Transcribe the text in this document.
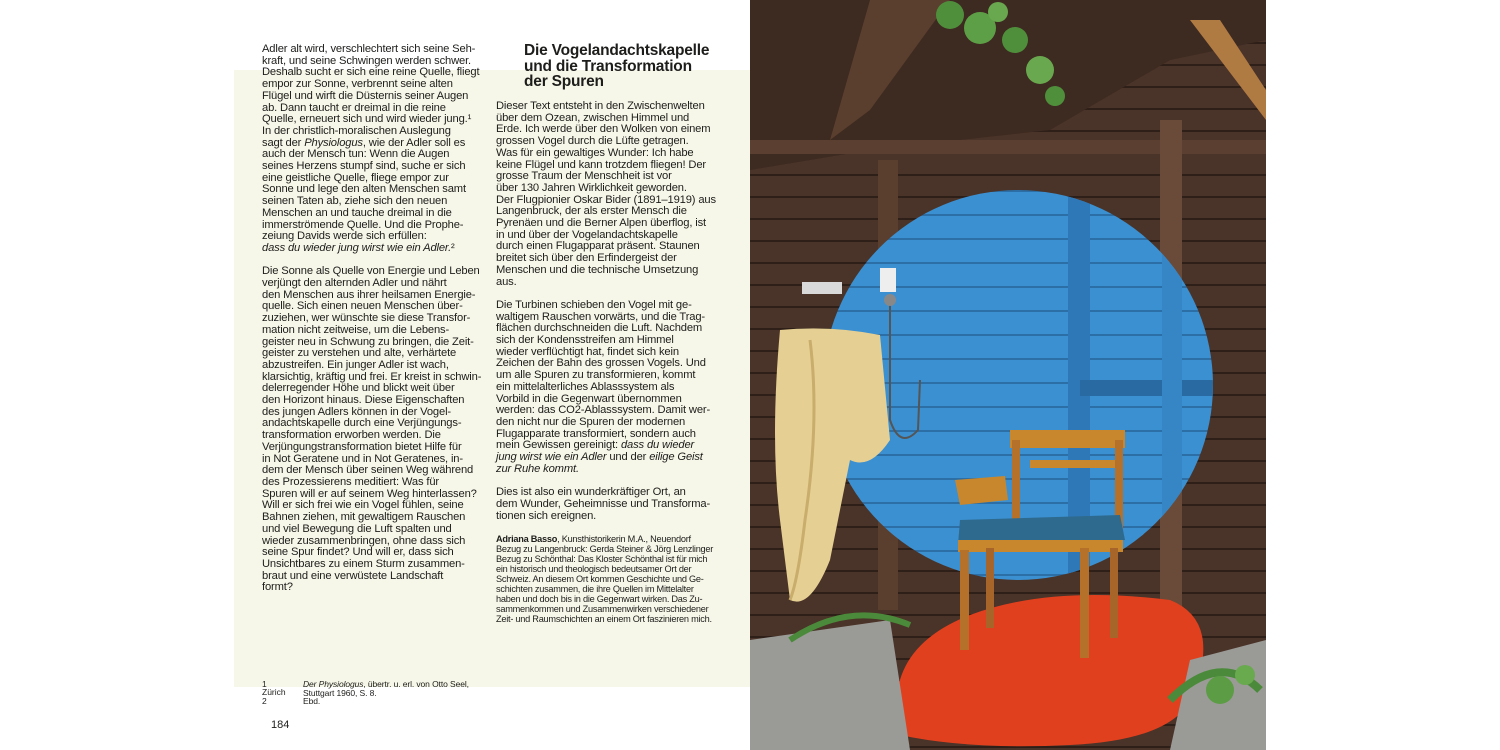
Adler alt wird, verschlechtert sich seine Seh-
kraft, und seine Schwingen werden schwer.
Deshalb sucht er sich eine reine Quelle, fliegt
empor zur Sonne, verbrennt seine alten
Flügel und wirft die Düsternis seiner Augen
ab. Dann taucht er dreimal in die reine
Quelle, erneuert sich und wird wieder jung.¹
In der christlich-moralischen Auslegung
sagt der Physiologus, wie der Adler soll es
auch der Mensch tun: Wenn die Augen
seines Herzens stumpf sind, suche er sich
eine geistliche Quelle, fliege empor zur
Sonne und lege den alten Menschen samt
seinen Taten ab, ziehe sich den neuen
Menschen an und tauche dreimal in die
immerströmende Quelle. Und die Prophe-
zeiung Davids werde sich erfüllen:
dass du wieder jung wirst wie ein Adler.²

Die Sonne als Quelle von Energie und Leben
verjüngt den alternden Adler und nährt
den Menschen aus ihrer heilsamen Energie-
quelle. Sich einen neuen Menschen über-
zuziehen, wer wünschte sie diese Transfor-
mation nicht zeitweise, um die Lebens-
geister neu in Schwung zu bringen, die Zeit-
geister zu verstehen und alte, verhärtete
abzustreifen. Ein junger Adler ist wach,
klarsichtig, kräftig und frei. Er kreist in schwin-
delerregender Höhe und blickt weit über
den Horizont hinaus. Diese Eigenschaften
des jungen Adlers können in der Vogel-
andachtskapelle durch eine Verjüngungs-
transformation erworben werden. Die
Verjüngungstransformation bietet Hilfe für
in Not Geratene und in Not Geratenes, in-
dem der Mensch über seinen Weg während
des Prozessierens meditiert: Was für
Spuren will er auf seinem Weg hinterlassen?
Will er sich frei wie ein Vogel fühlen, seine
Bahnen ziehen, mit gewaltigem Rauschen
und viel Bewegung die Luft spalten und
wieder zusammenbringen, ohne dass sich
seine Spur findet? Und will er, dass sich
Unsichtbares zu einem Sturm zusammen-
braut und eine verwüstete Landschaft
formt?

Die Vogelandachtskapelle
und die Transformation
der Spuren

Dieser Text entsteht in den Zwischenwelten
über dem Ozean, zwischen Himmel und
Erde. Ich werde über den Wolken von einem
grossen Vogel durch die Lüfte getragen.
Was für ein gewaltiges Wunder: Ich habe
keine Flügel und kann trotzdem fliegen! Der
grosse Traum der Menschheit ist vor
über 130 Jahren Wirklichkeit geworden.
Der Flugpionier Oskar Bider (1891–1919) aus
Langenbruck, der als erster Mensch die
Pyrenäen und die Berner Alpen überflog, ist
in und über der Vogelandachtskapelle
durch einen Flugapparat präsent. Staunen
breitet sich über den Erfindergeist der
Menschen und die technische Umsetzung
aus.

Die Turbinen schieben den Vogel mit ge-
waltigem Rauschen vorwärts, und die Trag-
flächen durchschneiden die Luft. Nachdem
sich der Kondensstreifen am Himmel
wieder verflüchtigt hat, findet sich kein
Zeichen der Bahn des grossen Vogels. Und
um alle Spuren zu transformieren, kommt
ein mittelalterliches Ablasssystem als
Vorbild in die Gegenwart übernommen
werden: das CO2-Ablasssystem. Damit wer-
den nicht nur die Spuren der modernen
Flugapparate transformiert, sondern auch
mein Gewissen gereinigt: dass du wieder
jung wirst wie ein Adler und der eilige Geist
zur Ruhe kommt.

Dies ist also ein wunderkräftiger Ort, an
dem Wunder, Geheimnisse und Transforma-
tionen sich ereignen.

Adriana Basso, Kunsthistorikerin M.A., Neuendorf
Bezug zu Langenbruck: Gerda Steiner & Jörg Lenzlinger
Bezug zu Schönthal: Das Kloster Schönthal ist für mich
ein historisch und theologisch bedeutsamer Ort der
Schweiz. An diesem Ort kommen Geschichte und Ge-
schichten zusammen, die ihre Quellen im Mittelalter
haben und doch bis in die Gegenwart wirken. Das Zu-
sammenkommen und Zusammenwirken verschiedener
Zeit- und Raumschichten an einem Ort faszinieren mich.

1

2
Der Physiologus, übertr. u. erl. von Otto Seel,
Stuttgart 1960, S. 8.
Ebd.
Zürich
184
